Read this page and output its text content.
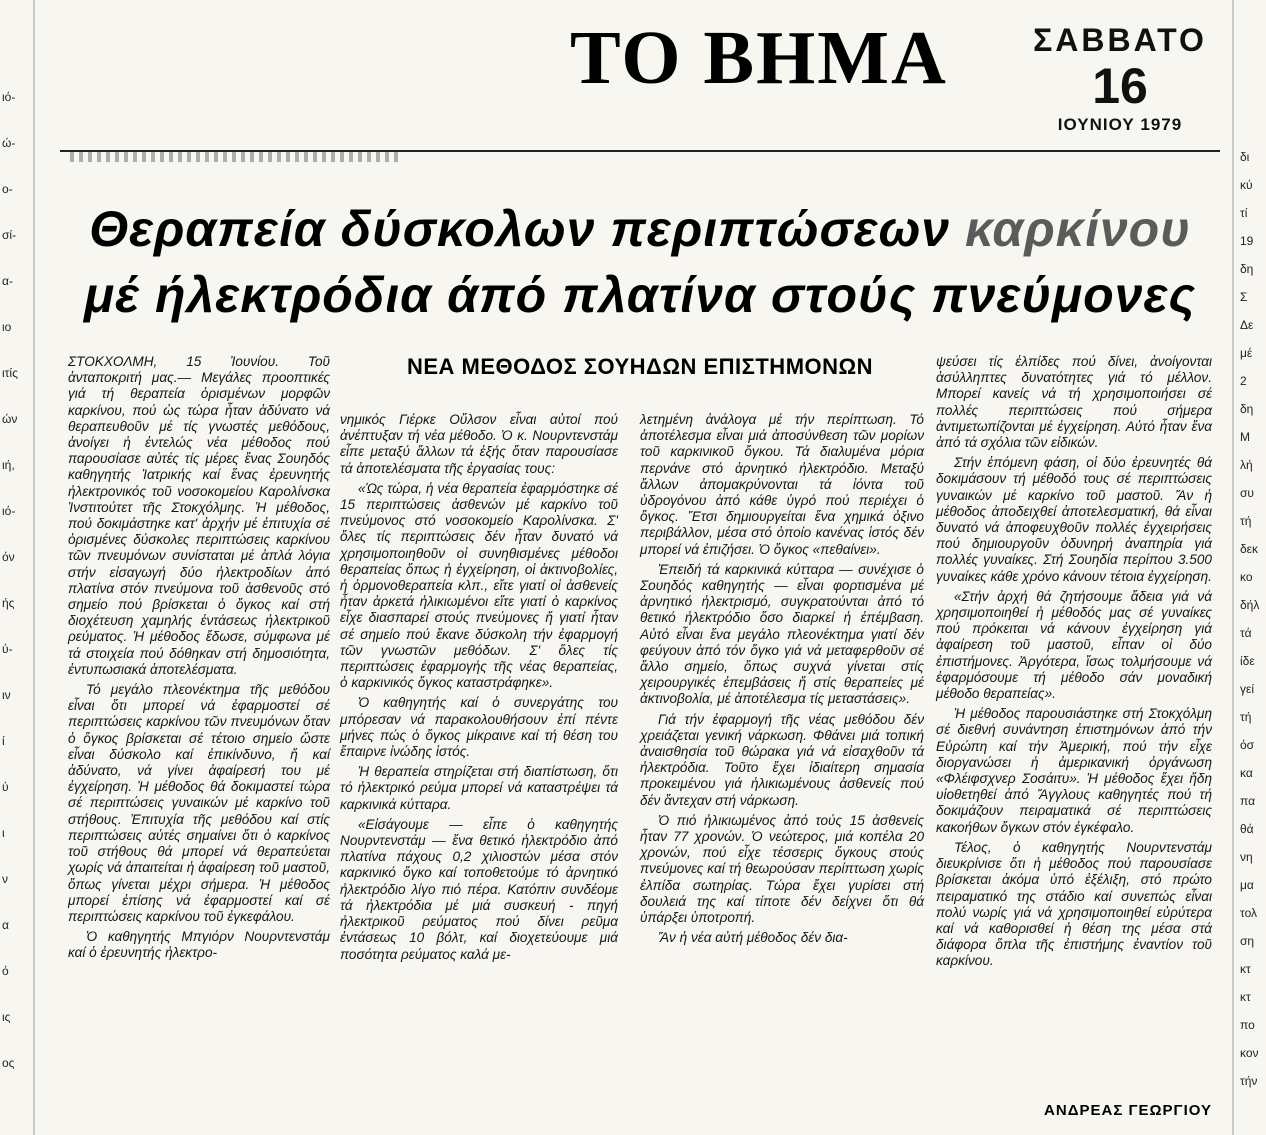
ιό-
ώ-
ο-
σί-
α-
ιο
ιτίς
ών
ιή,
ιό-
όν
ής
ύ-
ιν
ί
ύ
ι
ν
α
ό
ις
ος
δι
κύ
τί
19
δη
Σ
Δε
μέ
2
δη
Μ
λή
συ
τή
δεκ
κο
δήλ
τά
ίδε
γεί
τή
όσ
κα
πα
θά
νη
μα
τολ
ση
κτ
κτ
πο
κον
τήν
ΤΟ ΒΗΜΑ	ΣΑΒΒΑΤΟ
16
ΙΟΥΝΙΟΥ 1979
Θεραπεία δύσκολων περιπτώσεων καρκίνου
μέ ήλεκτρόδια άπό πλατίνα στούς πνεύμονες
ΝΕΑ ΜΕΘΟΔΟΣ ΣΟΥΗΔΩΝ ΕΠΙΣΤΗΜΟΝΩΝ

ΣΤΟΚΧΟΛΜΗ, 15 Ἰουνίου. Τοῦ ἀνταποκριτή μας.— Μεγάλες προοπτικές γιά τή θεραπεία ὁρισμένων μορφῶν καρκίνου, πού ὡς τώρα ἦταν ἀδύνατο νά θεραπευθοῦν μέ τίς γνωστές μεθόδους, ἀνοίγει ἡ ἐντελώς νέα μέθοδος πού παρουσίασε αὐτές τίς μέρες ἕνας Σουηδός καθηγητής Ἰατρικής καί ἕνας ἐρευνητής ἠλεκτρονικός τοῦ νοσοκομείου Καρολίνσκα Ἰνστιτούτετ τῆς Στοκχόλμης. Ἡ μέθοδος, πού δοκιμάστηκε κατ' ἀρχήν μέ ἐπιτυχία σέ ὁρισμένες δύσκολες περιπτώσεις καρκίνου τῶν πνευμόνων συνίσταται μέ ἁπλά λόγια στήν εἰσαγωγή δύο ἠλεκτροδίων ἀπό πλατίνα στόν πνεύμονα τοῦ ἀσθενοῦς στό σημείο πού βρίσκεται ὁ ὄγκος καί στή διοχέτευση χαμηλής ἐντάσεως ἠλεκτρικοῦ ρεύματος. Ἡ μέθοδος ἔδωσε, σύμφωνα μέ τά στοιχεία πού δόθηκαν στή δημοσιότητα, ἐντυπωσιακά ἀποτελέσματα.

Τό μεγάλο πλεονέκτημα τῆς μεθόδου εἶναι ὅτι μπορεί νά ἐφαρμοστεί σέ περιπτώσεις καρκίνου τῶν πνευμόνων ὅταν ὁ ὄγκος βρίσκεται σέ τέτοιο σημείο ὥστε εἶναι δύσκολο καί ἐπικίνδυνο, ἤ καί ἀδύνατο, νά γίνει ἀφαίρεσή του μέ ἐγχείρηση. Ἡ μέθοδος θά δοκιμαστεί τώρα σέ περιπτώσεις γυναικών μέ καρκίνο τοῦ στήθους. Ἐπιτυχία τῆς μεθόδου καί στίς περιπτώσεις αὐτές σημαίνει ὅτι ὁ καρκίνος τοῦ στήθους θά μπορεί νά θεραπεύεται χωρίς νά ἀπαιτείται ἡ ἀφαίρεση τοῦ μαστοῦ, ὅπως γίνεται μέχρι σήμερα. Ἡ μέθοδος μπορεί ἐπίσης νά ἐφαρμοστεί καί σέ περιπτώσεις καρκίνου τοῦ ἐγκεφάλου.

Ὁ καθηγητής Μπγιόρν Νουρντενστάμ καί ὁ ἐρευνητής ἠλεκτρο-

νημικός Γιέρκε Οὔλσον εἶναι αὐτοί πού ἀνέπτυξαν τή νέα μέθοδο. Ὁ κ. Νουρντενστάμ εἶπε μεταξύ ἄλλων τά ἑξής ὅταν παρουσίασε τά ἀποτελέσματα τῆς ἐργασίας τους:

«Ὡς τώρα, ἡ νέα θεραπεία ἐφαρμόστηκε σέ 15 περιπτώσεις ἀσθενών μέ καρκίνο τοῦ πνεύμονος στό νοσοκομείο Καρολίνσκα. Σ' ὅλες τίς περιπτώσεις δέν ἦταν δυνατό νά χρησιμοποιηθοῦν οἱ συνηθισμένες μέθοδοι θεραπείας ὅπως ἡ ἐγχείρηση, οἱ ἀκτινοβολίες, ἡ ὁρμονοθεραπεία κλπ., εἴτε γιατί οἱ ἀσθενείς ἦταν ἀρκετά ἡλικιωμένοι εἴτε γιατί ὁ καρκίνος εἶχε διασπαρεί στούς πνεύμονες ἤ γιατί ἦταν σέ σημείο πού ἔκανε δύσκολη τήν ἐφαρμογή τῶν γνωστῶν μεθόδων. Σ' ὅλες τίς περιπτώσεις ἐφαρμογής τῆς νέας θεραπείας, ὁ καρκινικός ὄγκος καταστράφηκε».

Ὁ καθηγητής καί ὁ συνεργάτης του μπόρεσαν νά παρακολουθήσουν ἐπί πέντε μήνες πώς ὁ ὄγκος μίκραινε καί τή θέση του ἔπαιρνε ἰνώδης ἱστός.

Ἡ θεραπεία στηρίζεται στή διαπίστωση, ὅτι τό ἠλεκτρικό ρεύμα μπορεί νά καταστρέψει τά καρκινικά κύτταρα.

«Εἰσάγουμε — εἶπε ὁ καθηγητής Νουρντενστάμ — ἕνα θετικό ἠλεκτρόδιο ἀπό πλατίνα πάχους 0,2 χιλιοστών μέσα στόν καρκινικό ὄγκο καί τοποθετούμε τό ἀρνητικό ἠλεκτρόδιο λίγο πιό πέρα. Κατόπιν συνδέομε τά ἠλεκτρόδια μέ μιά συσκευή - πηγή ἠλεκτρικοῦ ρεύματος πού δίνει ρεῦμα ἐντάσεως 10 βόλτ, καί διοχετεύουμε μιά ποσότητα ρεύματος καλά με-

λετημένη ἀνάλογα μέ τήν περίπτωση. Τό ἀποτέλεσμα εἶναι μιά ἀποσύνθεση τῶν μορίων τοῦ καρκινικοῦ ὄγκου. Τά διαλυμένα μόρια περνάνε στό ἀρνητικό ἠλεκτρόδιο. Μεταξύ ἄλλων ἀπομακρύνονται τά ἰόντα τοῦ ὑδρογόνου ἀπό κάθε ὑγρό πού περιέχει ὁ ὄγκος. Ἔτσι δημιουργείται ἕνα χημικά ὀξινο περιβάλλον, μέσα στό ὁποίο κανένας ἱστός δέν μπορεί νά ἐπιζήσει. Ὁ ὄγκος «πεθαίνει».

Ἐπειδή τά καρκινικά κύτταρα — συνέχισε ὁ Σουηδός καθηγητής — εἶναι φορτισμένα μέ ἀρνητικό ἠλεκτρισμό, συγκρατούνται ἀπό τό θετικό ἠλεκτρόδιο ὅσο διαρκεί ἡ ἐπέμβαση. Αὐτό εἶναι ἕνα μεγάλο πλεονέκτημα γιατί δέν φεύγουν ἀπό τόν ὄγκο γιά νά μεταφερθοῦν σέ ἄλλο σημείο, ὅπως συχνά γίνεται στίς χειρουργικές ἐπεμβάσεις ἤ στίς θεραπείες μέ ἀκτινοβολία, μέ ἀποτέλεσμα τίς μεταστάσεις».

Γιά τήν ἐφαρμογή τῆς νέας μεθόδου δέν χρειάζεται γενική νάρκωση. Φθάνει μιά τοπική ἀναισθησία τοῦ θώρακα γιά νά εἰσαχθοῦν τά ἠλεκτρόδια. Τοῦτο ἔχει ἰδιαίτερη σημασία προκειμένου γιά ἡλικιωμένους ἀσθενείς πού δέν ἄντεχαν στή νάρκωση.

Ὁ πιό ἡλικιωμένος ἀπό τούς 15 ἀσθενείς ἦταν 77 χρονών. Ὁ νεώτερος, μιά κοπέλα 20 χρονών, πού εἶχε τέσσερις ὄγκους στούς πνεύμονες καί τή θεωρούσαν περίπτωση χωρίς ἐλπίδα σωτηρίας. Τώρα ἔχει γυρίσει στή δουλειά της καί τίποτε δέν δείχνει ὅτι θά ὑπάρξει ὑποτροπή.

Ἄν ἡ νέα αὐτή μέθοδος δέν δια-

ψεύσει τίς ἐλπίδες πού δίνει, ἀνοίγονται ἀσύλληπτες δυνατότητες γιά τό μέλλον. Μπορεί κανείς νά τή χρησιμοποιήσει σέ πολλές περιπτώσεις πού σήμερα ἀντιμετωπίζονται μέ ἐγχείρηση. Αὐτό ἦταν ἕνα ἀπό τά σχόλια τῶν εἰδικών.

Στήν ἑπόμενη φάση, οἱ δύο ἐρευνητές θά δοκιμάσουν τή μέθοδό τους σέ περιπτώσεις γυναικών μέ καρκίνο τοῦ μαστοῦ. Ἄν ἡ μέθοδος ἀποδειχθεί ἀποτελεσματική, θά εἶναι δυνατό νά ἀποφευχθοῦν πολλές ἐγχειρήσεις πού δημιουργοῦν ὀδυνηρή ἀναπηρία γιά πολλές γυναίκες. Στή Σουηδία περίπου 3.500 γυναίκες κάθε χρόνο κάνουν τέτοια ἐγχείρηση.

«Στήν ἀρχή θά ζητήσουμε ἄδεια γιά νά χρησιμοποιηθεί ἡ μέθοδός μας σέ γυναίκες πού πρόκειται νά κάνουν ἐγχείρηση γιά ἀφαίρεση τοῦ μαστοῦ, εἶπαν οἱ δύο ἐπιστήμονες. Ἀργότερα, ἴσως τολμήσουμε νά ἐφαρμόσουμε τή μέθοδο σάν μοναδική μέθοδο θεραπείας».

Ἡ μέθοδος παρουσιάστηκε στή Στοκχόλμη σέ διεθνή συνάντηση ἐπιστημόνων ἀπό τήν Εὐρώπη καί τήν Ἀμερική, πού τήν εἶχε διοργανώσει ἡ ἀμερικανική ὀργάνωση «Φλέιφσχνερ Σοσάιτυ». Ἡ μέθοδος ἔχει ἤδη υἱοθετηθεί ἀπό Ἄγγλους καθηγητές πού τή δοκιμάζουν πειραματικά σέ περιπτώσεις κακοήθων ὄγκων στόν ἐγκέφαλο.

Τέλος, ὁ καθηγητής Νουρντενστάμ διευκρίνισε ὅτι ἡ μέθοδος πού παρουσίασε βρίσκεται ἀκόμα ὑπό ἐξέλιξη, στό πρώτο πειραματικό της στάδιο καί συνεπώς εἶναι πολύ νωρίς γιά νά χρησιμοποιηθεί εὐρύτερα καί νά καθορισθεί ἡ θέση της μέσα στά διάφορα ὅπλα τῆς ἐπιστήμης ἐναντίον τοῦ καρκίνου.

ΑΝΔΡΕΑΣ ΓΕΩΡΓΙΟΥ
